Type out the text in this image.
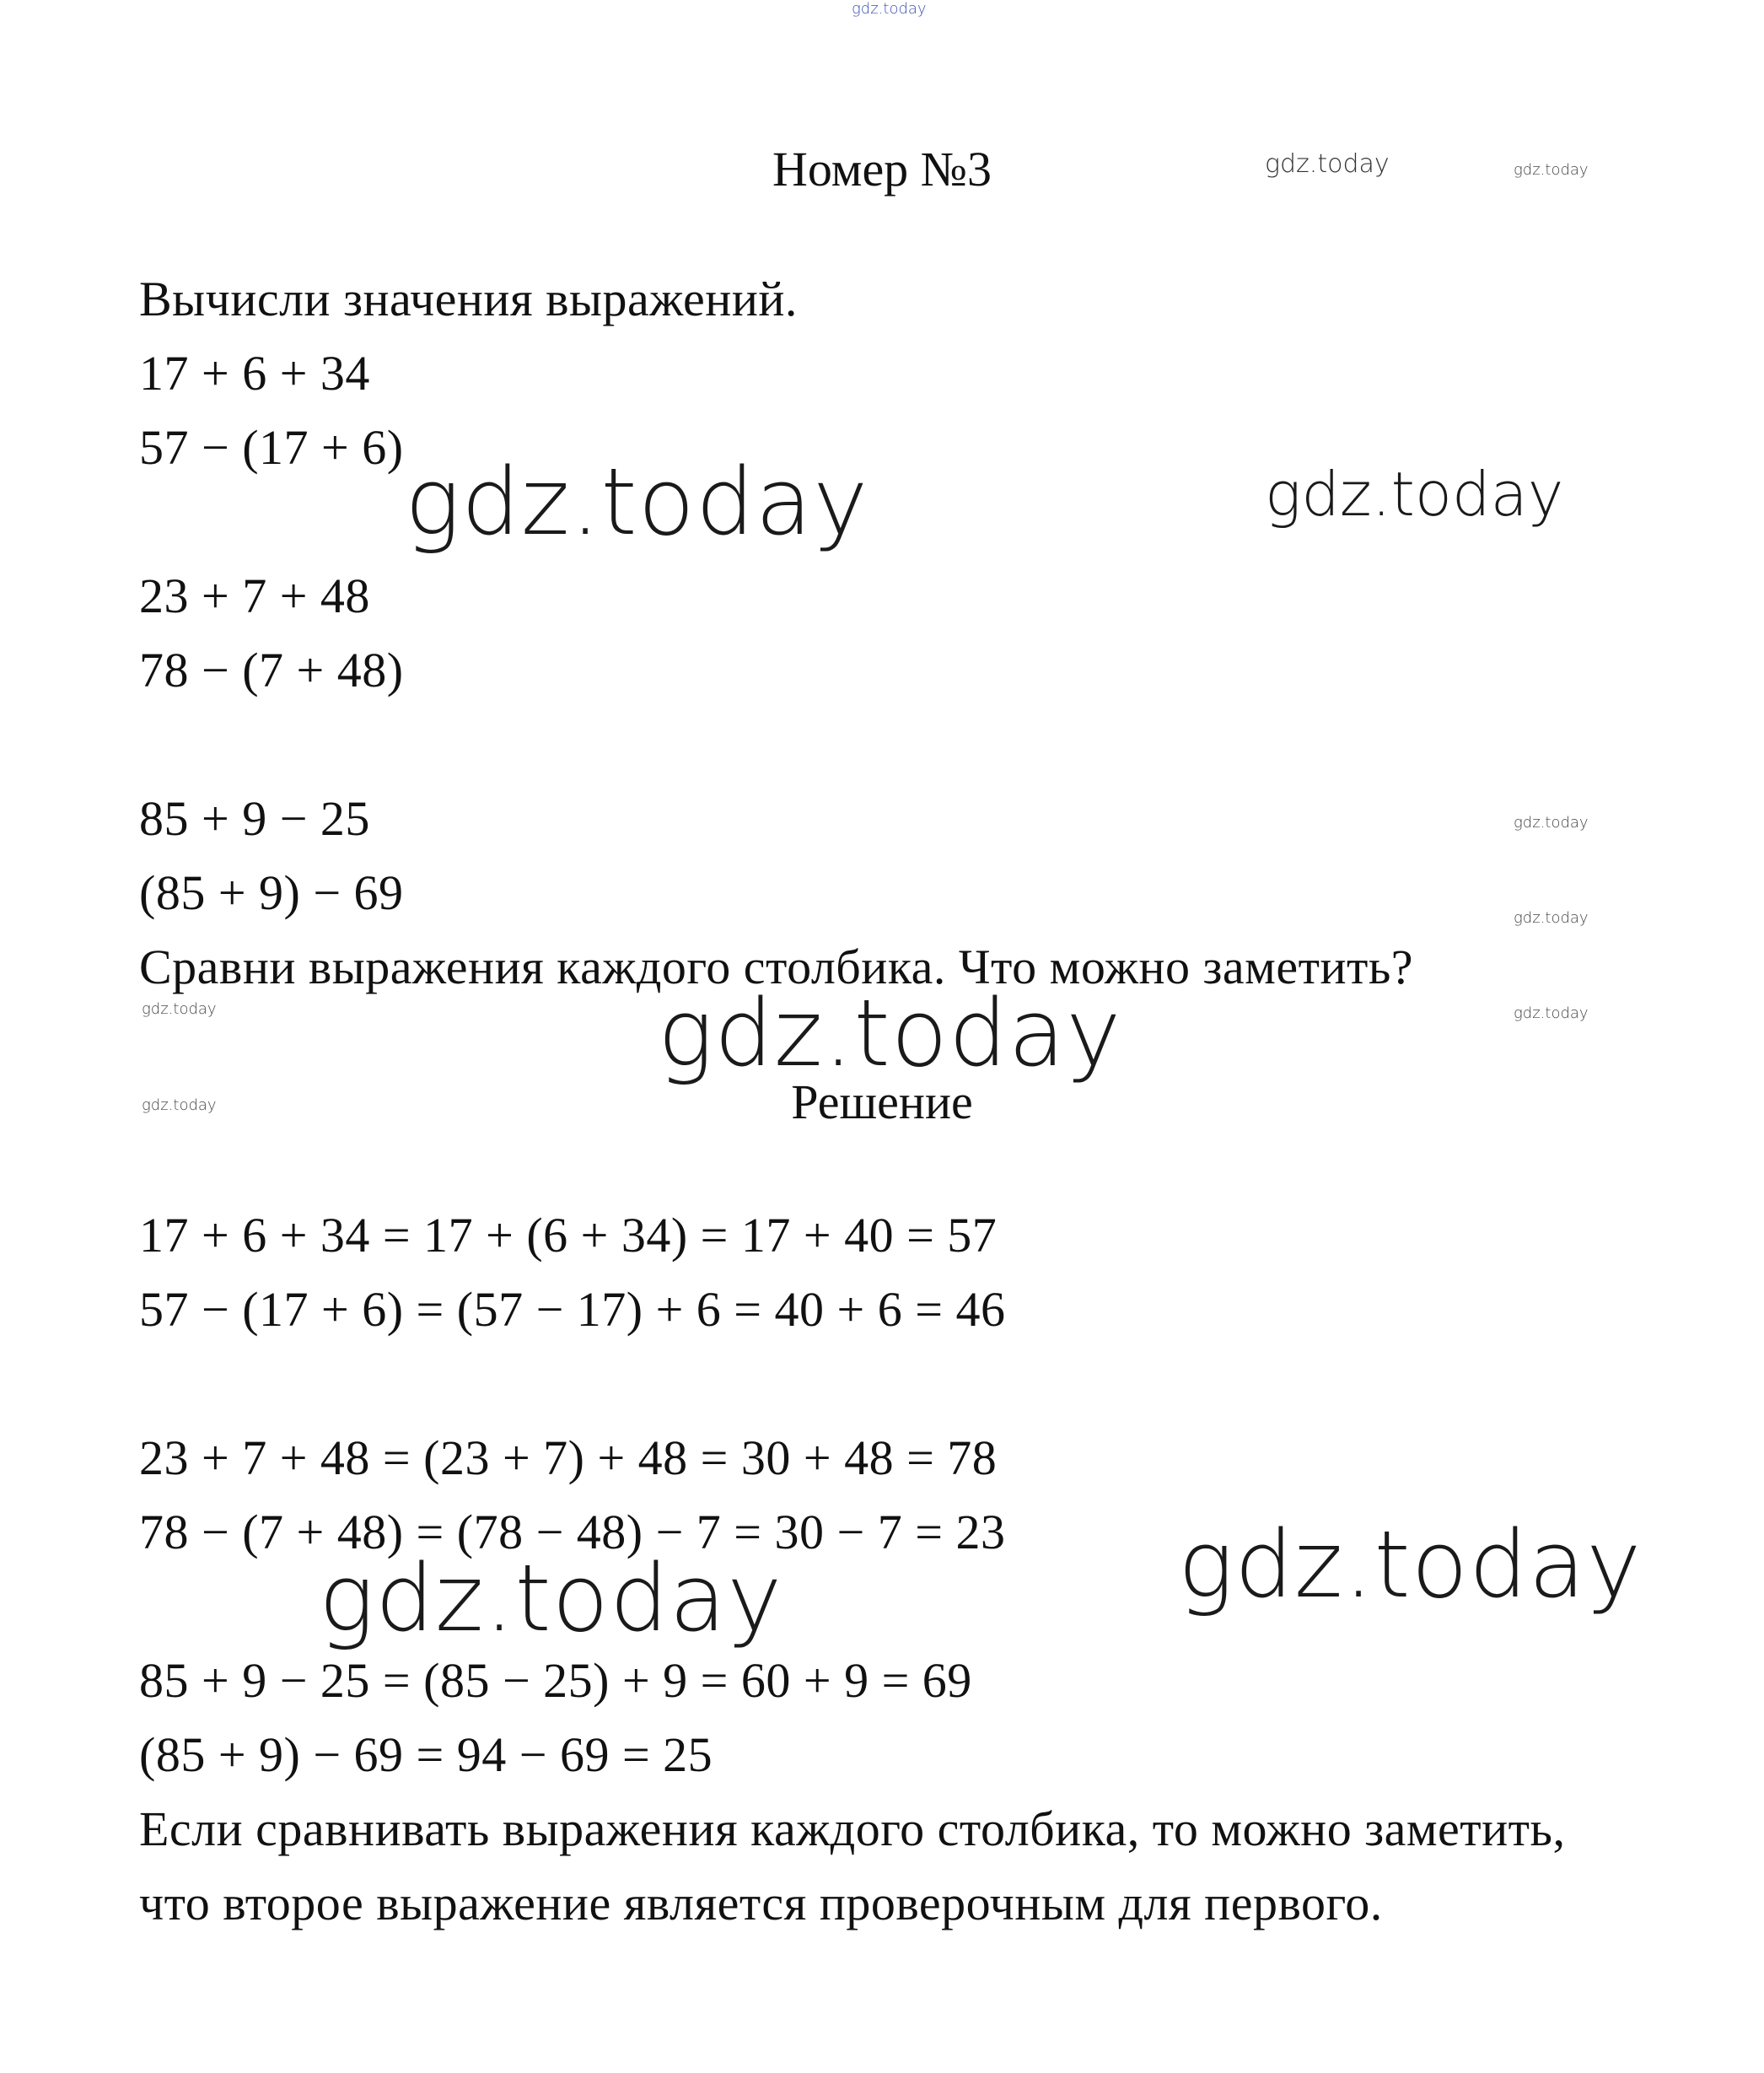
gdz.today
gdz.today	gdz.today
gdz.today	gdz.today
gdz.today
gdz.today
gdz.today
gdz.today
gdz.today
gdz.today
gdz.today
gdz.today
Номер №3
Вычисли значения выражений.
17 + 6 + 34
57 − (17 + 6)
23 + 7 + 48
78 − (7 + 48)
85 + 9 − 25
(85 + 9) − 69
Сравни выражения каждого столбика. Что можно заметить?
Решение
17 + 6 + 34 = 17 + (6 + 34) = 17 + 40 = 57
57 − (17 + 6) = (57 − 17) + 6 = 40 + 6 = 46
23 + 7 + 48 = (23 + 7) + 48 = 30 + 48 = 78
78 − (7 + 48) = (78 − 48) − 7 = 30 − 7 = 23
85 + 9 − 25 = (85 − 25) + 9 = 60 + 9 = 69
(85 + 9) − 69 = 94 − 69 = 25
Если сравнивать выражения каждого столбика, то можно заметить,
что второе выражение является проверочным для первого.
